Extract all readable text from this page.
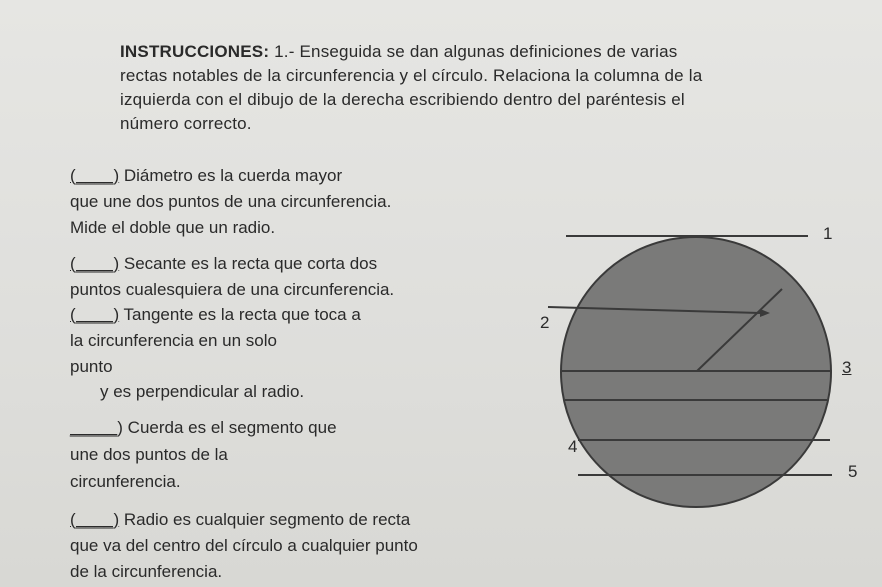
INSTRUCCIONES: 1.- Enseguida se dan algunas definiciones de varias
rectas notables de la circunferencia y el círculo. Relaciona la columna de la
izquierda con el dibujo de la derecha escribiendo dentro del paréntesis el
número correcto.
(____) Diámetro es la cuerda mayor
que une dos puntos de una circunferencia.
Mide el doble que un radio.
(____) Secante es la recta que corta dos
puntos cualesquiera de una circunferencia.
(____) Tangente es la recta que toca a
la circunferencia en un solo
punto
y es perpendicular al radio.
_____) Cuerda es el segmento que
une dos puntos de la
circunferencia.
(____) Radio es cualquier segmento de recta
que va del centro del círculo a cualquier punto
de la circunferencia.
1
2
3
4
5
